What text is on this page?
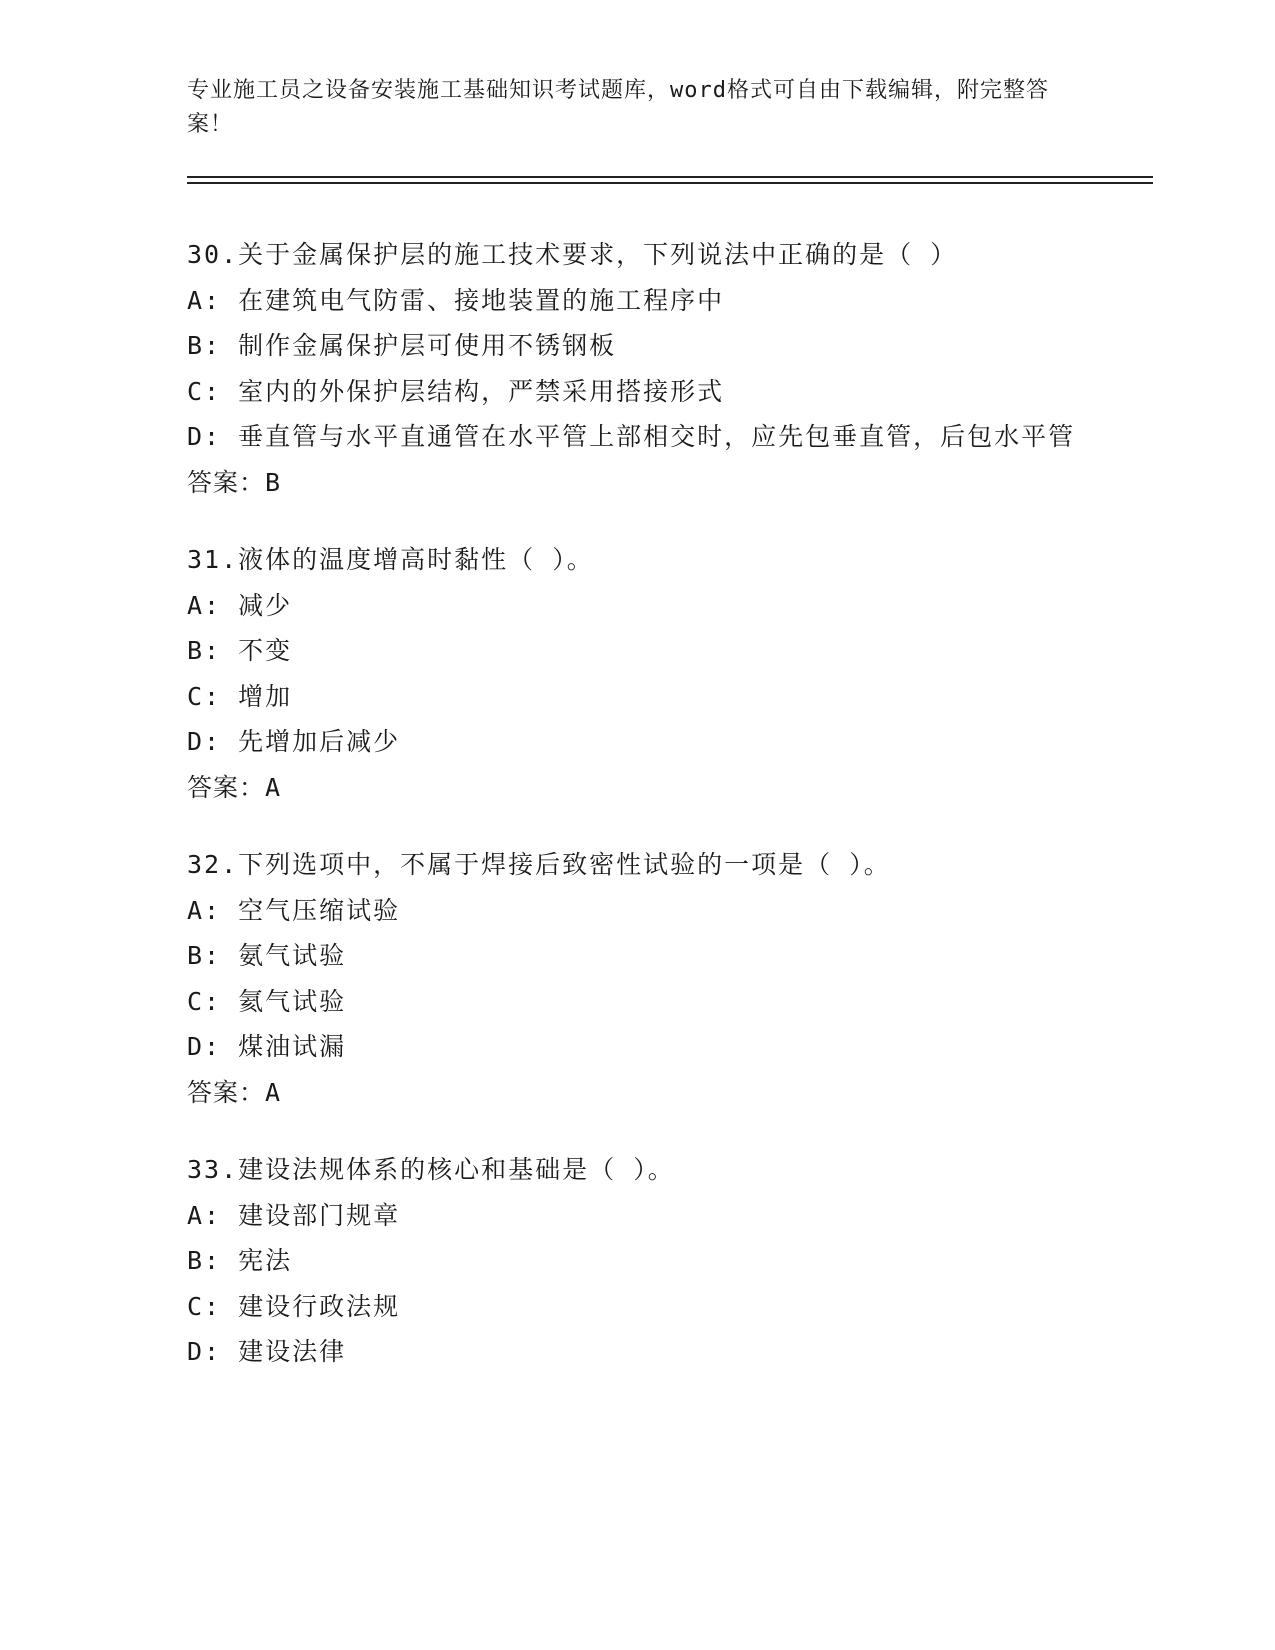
专业施工员之设备安装施工基础知识考试题库，word格式可自由下载编辑，附完整答案！
30.关于金属保护层的施工技术要求，下列说法中正确的是（ ）
A: 在建筑电气防雷、接地装置的施工程序中
B: 制作金属保护层可使用不锈钢板
C: 室内的外保护层结构，严禁采用搭接形式
D: 垂直管与水平直通管在水平管上部相交时，应先包垂直管，后包水平管
答案：B
31.液体的温度增高时黏性（ ）。
A: 减少
B: 不变
C: 增加
D: 先增加后减少
答案：A
32.下列选项中，不属于焊接后致密性试验的一项是（ ）。
A: 空气压缩试验
B: 氨气试验
C: 氦气试验
D: 煤油试漏
答案：A
33.建设法规体系的核心和基础是（ ）。
A: 建设部门规章
B: 宪法
C: 建设行政法规
D: 建设法律
